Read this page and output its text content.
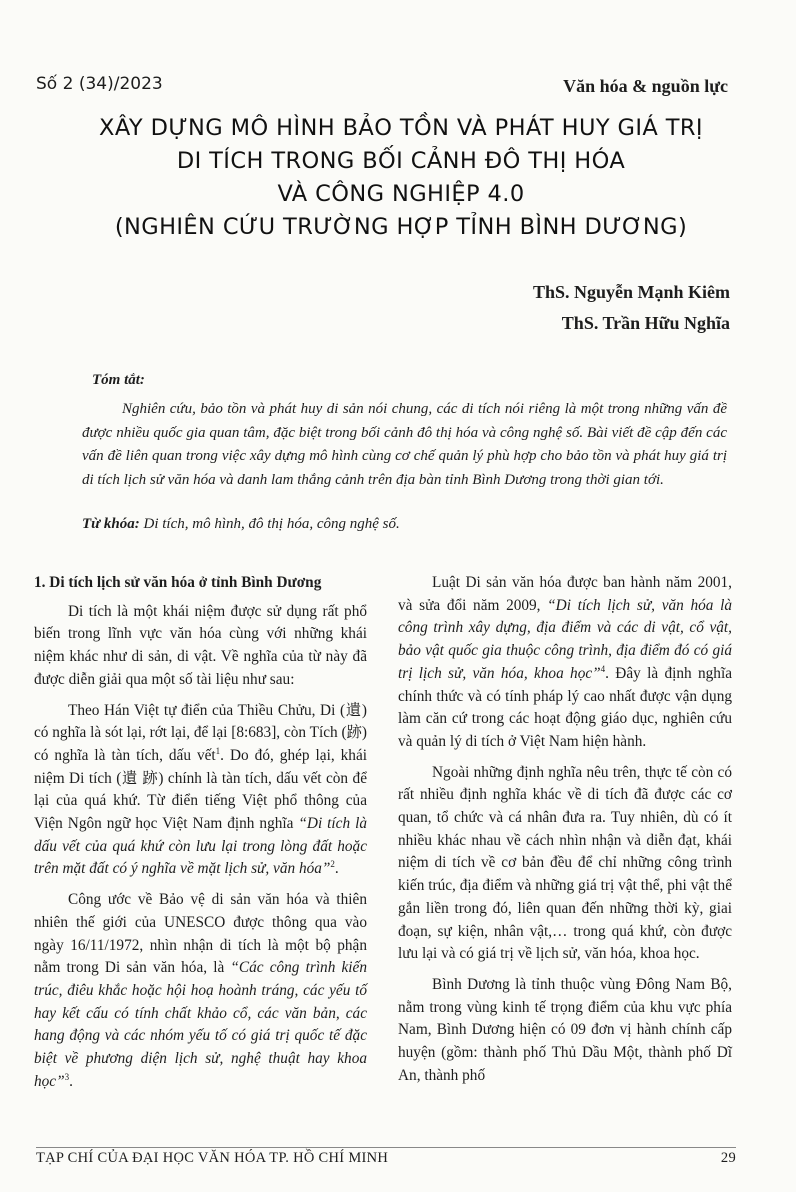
Số 2 (34)/2023	Văn hóa & nguồn lực
XÂY DỰNG MÔ HÌNH BẢO TỒN VÀ PHÁT HUY GIÁ TRỊ
DI TÍCH TRONG BỐI CẢNH ĐÔ THỊ HÓA
VÀ CÔNG NGHIỆP 4.0
(NGHIÊN CỨU TRƯỜNG HỢP TỈNH BÌNH DƯƠNG)
ThS. Nguyễn Mạnh Kiêm
ThS. Trần Hữu Nghĩa
Tóm tắt:
Nghiên cứu, bảo tồn và phát huy di sản nói chung, các di tích nói riêng là một trong những vấn đề được nhiều quốc gia quan tâm, đặc biệt trong bối cảnh đô thị hóa và công nghệ số. Bài viết đề cập đến các vấn đề liên quan trong việc xây dựng mô hình cùng cơ chế quản lý phù hợp cho bảo tồn và phát huy giá trị di tích lịch sử văn hóa và danh lam thắng cảnh trên địa bàn tỉnh Bình Dương trong thời gian tới.
Từ khóa: Di tích, mô hình, đô thị hóa, công nghệ số.

1. Di tích lịch sử văn hóa ở tỉnh Bình Dương

Di tích là một khái niệm được sử dụng rất phổ biến trong lĩnh vực văn hóa cùng với những khái niệm khác như di sản, di vật. Về nghĩa của từ này đã được diễn giải qua một số tài liệu như sau:

Theo Hán Việt tự điển của Thiều Chửu, Di (遺) có nghĩa là sót lại, rớt lại, để lại [8:683], còn Tích (跡) có nghĩa là tàn tích, dấu vết$^1$. Do đó, ghép lại, khái niệm Di tích (遺 跡) chính là tàn tích, dấu vết còn để lại của quá khứ. Từ điển tiếng Việt phổ thông của Viện Ngôn ngữ học Việt Nam định nghĩa “Di tích là dấu vết của quá khứ còn lưu lại trong lòng đất hoặc trên mặt đất có ý nghĩa về mặt lịch sử, văn hóa”$^2$.

Công ước về Bảo vệ di sản văn hóa và thiên nhiên thế giới của UNESCO được thông qua vào ngày 16/11/1972, nhìn nhận di tích là một bộ phận nằm trong Di sản văn hóa, là “Các công trình kiến trúc, điêu khắc hoặc hội hoạ hoành tráng, các yếu tố hay kết cấu có tính chất khảo cổ, các văn bản, các hang động và các nhóm yếu tố có giá trị quốc tế đặc biệt về phương diện lịch sử, nghệ thuật hay khoa học”$^3$.

Luật Di sản văn hóa được ban hành năm 2001, và sửa đổi năm 2009, “Di tích lịch sử, văn hóa là công trình xây dựng, địa điểm và các di vật, cổ vật, bảo vật quốc gia thuộc công trình, địa điểm đó có giá trị lịch sử, văn hóa, khoa học”$^4$. Đây là định nghĩa chính thức và có tính pháp lý cao nhất được vận dụng làm căn cứ trong các hoạt động giáo dục, nghiên cứu và quản lý di tích ở Việt Nam hiện hành.

Ngoài những định nghĩa nêu trên, thực tế còn có rất nhiều định nghĩa khác về di tích đã được các cơ quan, tổ chức và cá nhân đưa ra. Tuy nhiên, dù có ít nhiều khác nhau về cách nhìn nhận và diễn đạt, khái niệm di tích về cơ bản đều để chỉ những công trình kiến trúc, địa điểm và những giá trị vật thể, phi vật thể gắn liền trong đó, liên quan đến những thời kỳ, giai đoạn, sự kiện, nhân vật,… trong quá khứ, còn được lưu lại và có giá trị về lịch sử, văn hóa, khoa học.

Bình Dương là tỉnh thuộc vùng Đông Nam Bộ, nằm trong vùng kinh tế trọng điểm của khu vực phía Nam, Bình Dương hiện có 09 đơn vị hành chính cấp huyện (gồm: thành phố Thủ Dầu Một, thành phố Dĩ An, thành phố

TẠP CHÍ CỦA ĐẠI HỌC VĂN HÓA TP. HỒ CHÍ MINH	29
